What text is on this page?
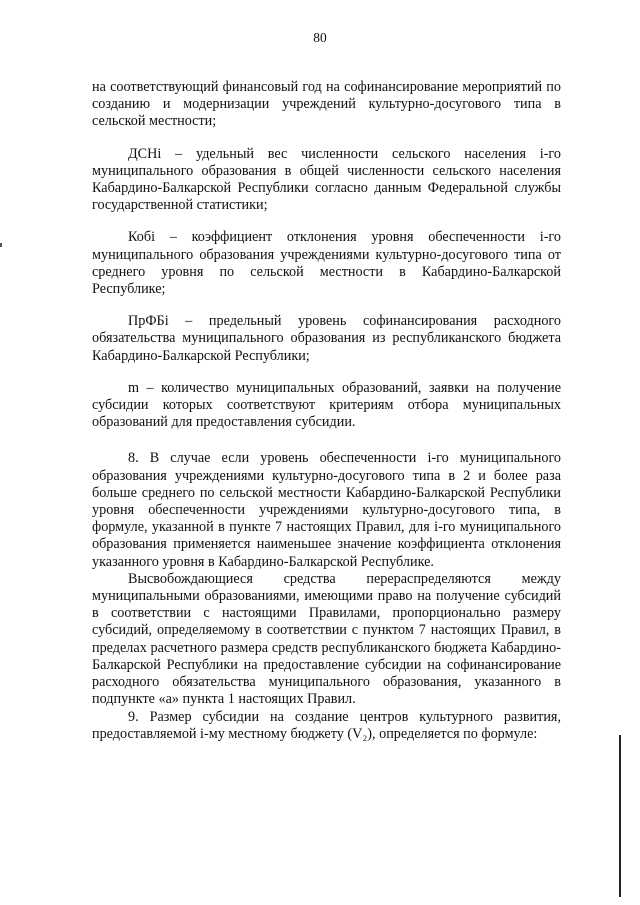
80

на соответствующий финансовый год на софинансирование мероприятий по созданию и модернизации учреждений культурно-досугового типа в сельской местности;

ДСНi – удельный вес численности сельского населения i-го муниципального образования в общей численности сельского населения Кабардино-Балкарской Республики согласно данным Федеральной службы государственной статистики;

Кобi – коэффициент отклонения уровня обеспеченности i-го муниципального образования учреждениями культурно-досугового типа от среднего уровня по сельской местности в Кабардино-Балкарской Республике;

ПрФБi – предельный уровень софинансирования расходного обязательства муниципального образования из республиканского бюджета Кабардино-Балкарской Республики;

m – количество муниципальных образований, заявки на получение субсидии которых соответствуют критериям отбора муниципальных образований для предоставления субсидии.

8. В случае если уровень обеспеченности i-го муниципального образования учреждениями культурно-досугового типа в 2 и более раза больше среднего по сельской местности Кабардино-Балкарской Республики уровня обеспеченности учреждениями культурно-досугового типа, в формуле, указанной в пункте 7 настоящих Правил, для i-го муниципального образования применяется наименьшее значение коэффициента отклонения указанного уровня в Кабардино-Балкарской Республике.

Высвобождающиеся средства перераспределяются между муниципальными образованиями, имеющими право на получение субсидий в соответствии с настоящими Правилами, пропорционально размеру субсидий, определяемому в соответствии с пунктом 7 настоящих Правил, в пределах расчетного размера средств республиканского бюджета Кабардино-Балкарской Республики на предоставление субсидии на софинансирование расходного обязательства муниципального образования, указанного в подпункте «а» пункта 1 настоящих Правил.

9. Размер субсидии на создание центров культурного развития, предоставляемой i-му местному бюджету (V₂), определяется по формуле:
